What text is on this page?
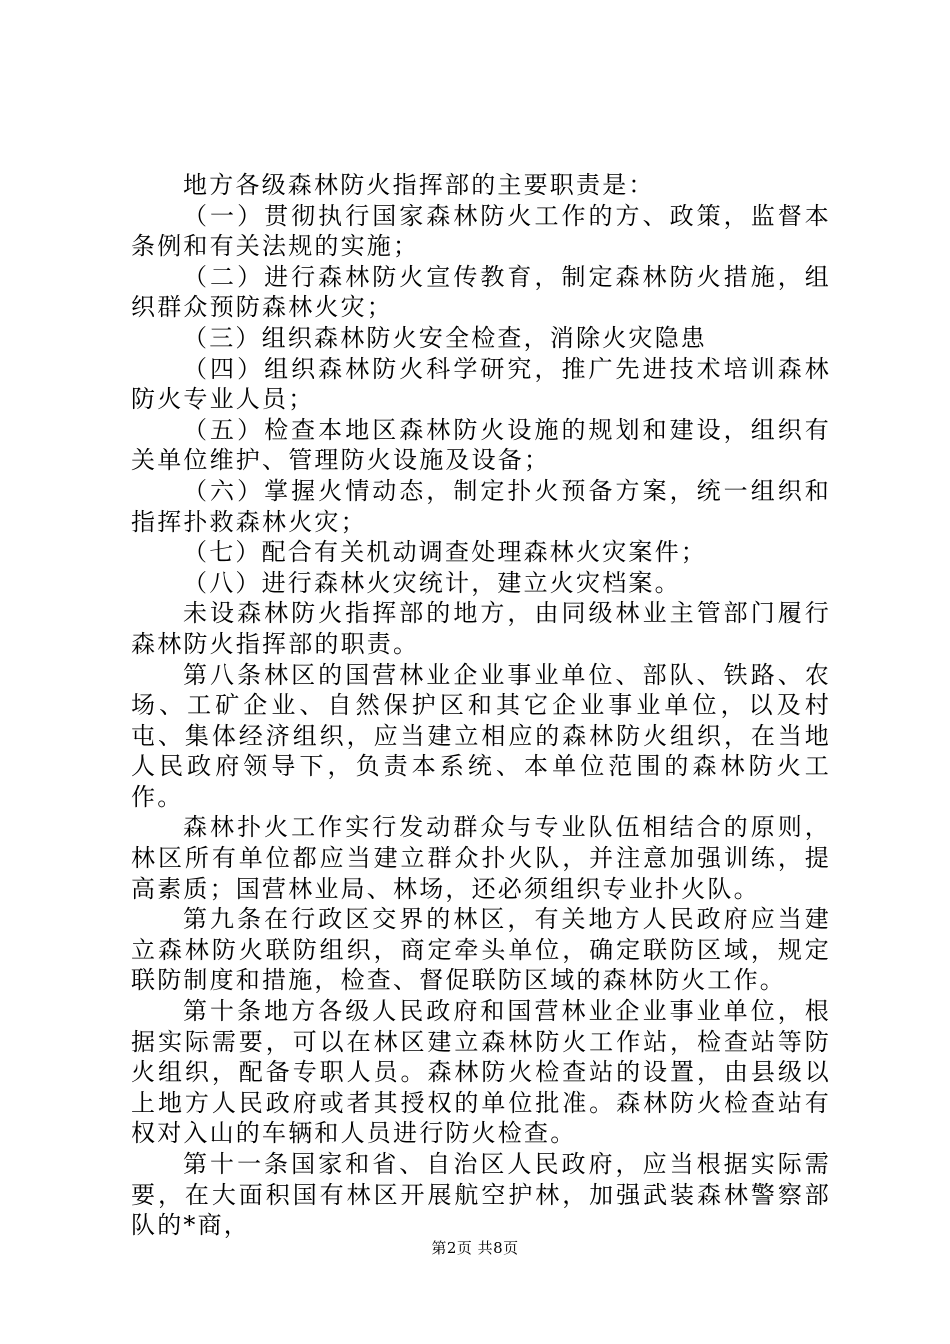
地方各级森林防火指挥部的主要职责是：

（一）贯彻执行国家森林防火工作的方、政策，监督本条例和有关法规的实施；

（二）进行森林防火宣传教育，制定森林防火措施，组织群众预防森林火灾；

（三）组织森林防火安全检查，消除火灾隐患

（四）组织森林防火科学研究，推广先进技术培训森林防火专业人员；

（五）检查本地区森林防火设施的规划和建设，组织有关单位维护、管理防火设施及设备；

（六）掌握火情动态，制定扑火预备方案，统一组织和指挥扑救森林火灾；

（七）配合有关机动调查处理森林火灾案件；

（八）进行森林火灾统计，建立火灾档案。

未设森林防火指挥部的地方，由同级林业主管部门履行森林防火指挥部的职责。

第八条林区的国营林业企业事业单位、部队、铁路、农场、工矿企业、自然保护区和其它企业事业单位，以及村屯、集体经济组织，应当建立相应的森林防火组织，在当地人民政府领导下，负责本系统、本单位范围的森林防火工作。

森林扑火工作实行发动群众与专业队伍相结合的原则，林区所有单位都应当建立群众扑火队，并注意加强训练，提高素质；国营林业局、林场，还必须组织专业扑火队。

第九条在行政区交界的林区，有关地方人民政府应当建立森林防火联防组织，商定牵头单位，确定联防区域，规定联防制度和措施，检查、督促联防区域的森林防火工作。

第十条地方各级人民政府和国营林业企业事业单位，根据实际需要，可以在林区建立森林防火工作站，检查站等防火组织，配备专职人员。森林防火检查站的设置，由县级以上地方人民政府或者其授权的单位批准。森林防火检查站有权对入山的车辆和人员进行防火检查。

第十一条国家和省、自治区人民政府，应当根据实际需要，在大面积国有林区开展航空护林，加强武装森林警察部队的*商，

第2页 共8页
